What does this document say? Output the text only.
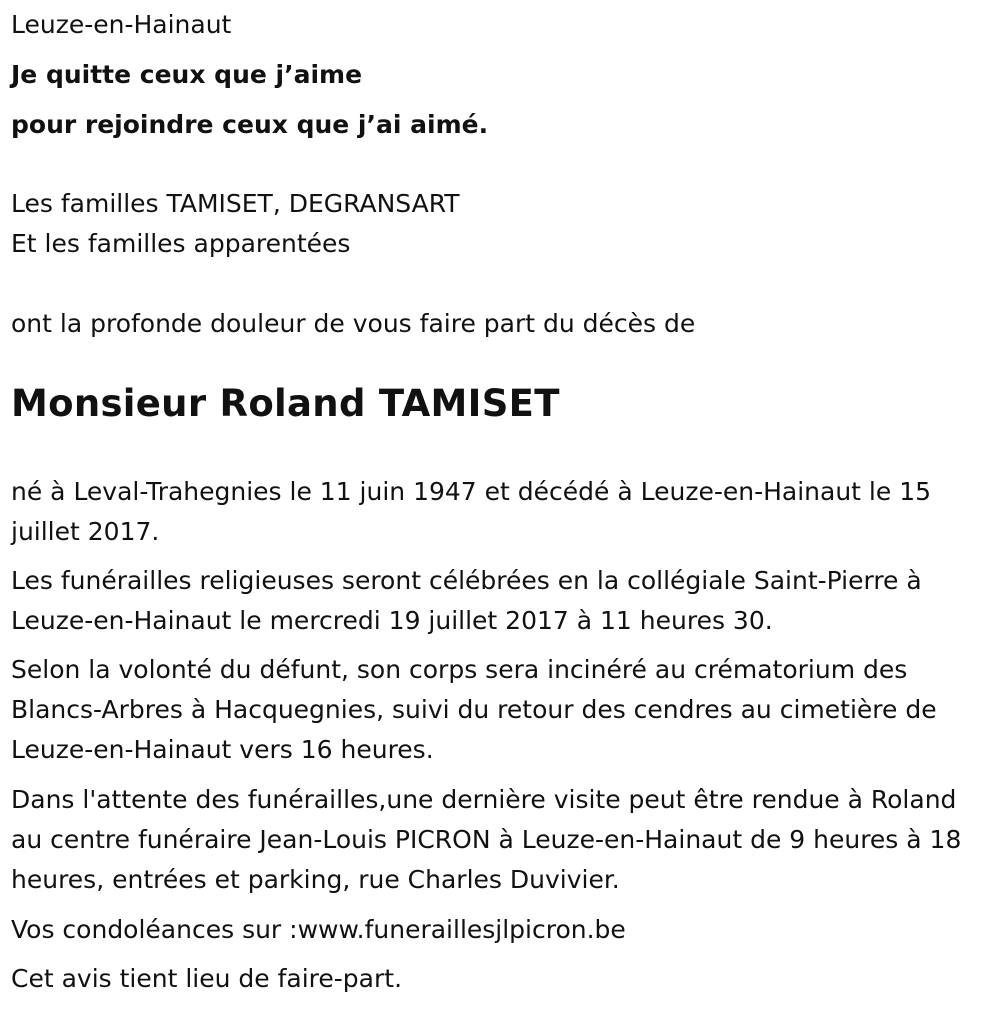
Leuze-en-Hainaut
Je quitte ceux que j’aime
pour rejoindre ceux que j’ai aimé.
Les familles TAMISET, DEGRANSART
Et les familles apparentées
ont la profonde douleur de vous faire part du décès de
Monsieur Roland TAMISET
né à Leval-Trahegnies le 11 juin 1947 et décédé à Leuze-en-Hainaut le 15 juillet 2017.
Les funérailles religieuses seront célébrées en la collégiale Saint-Pierre à Leuze-en-Hainaut le mercredi 19 juillet 2017 à 11 heures 30.
Selon la volonté du défunt, son corps sera incinéré au crématorium des Blancs-Arbres à Hacquegnies, suivi du retour des cendres au cimetière de Leuze-en-Hainaut vers 16 heures.
Dans l'attente des funérailles,une dernière visite peut être rendue à Roland au centre funéraire Jean-Louis PICRON à Leuze-en-Hainaut de 9 heures à 18 heures, entrées et parking, rue Charles Duvivier.
Vos condoléances sur :www.funeraillesjlpicron.be
Cet avis tient lieu de faire-part.
